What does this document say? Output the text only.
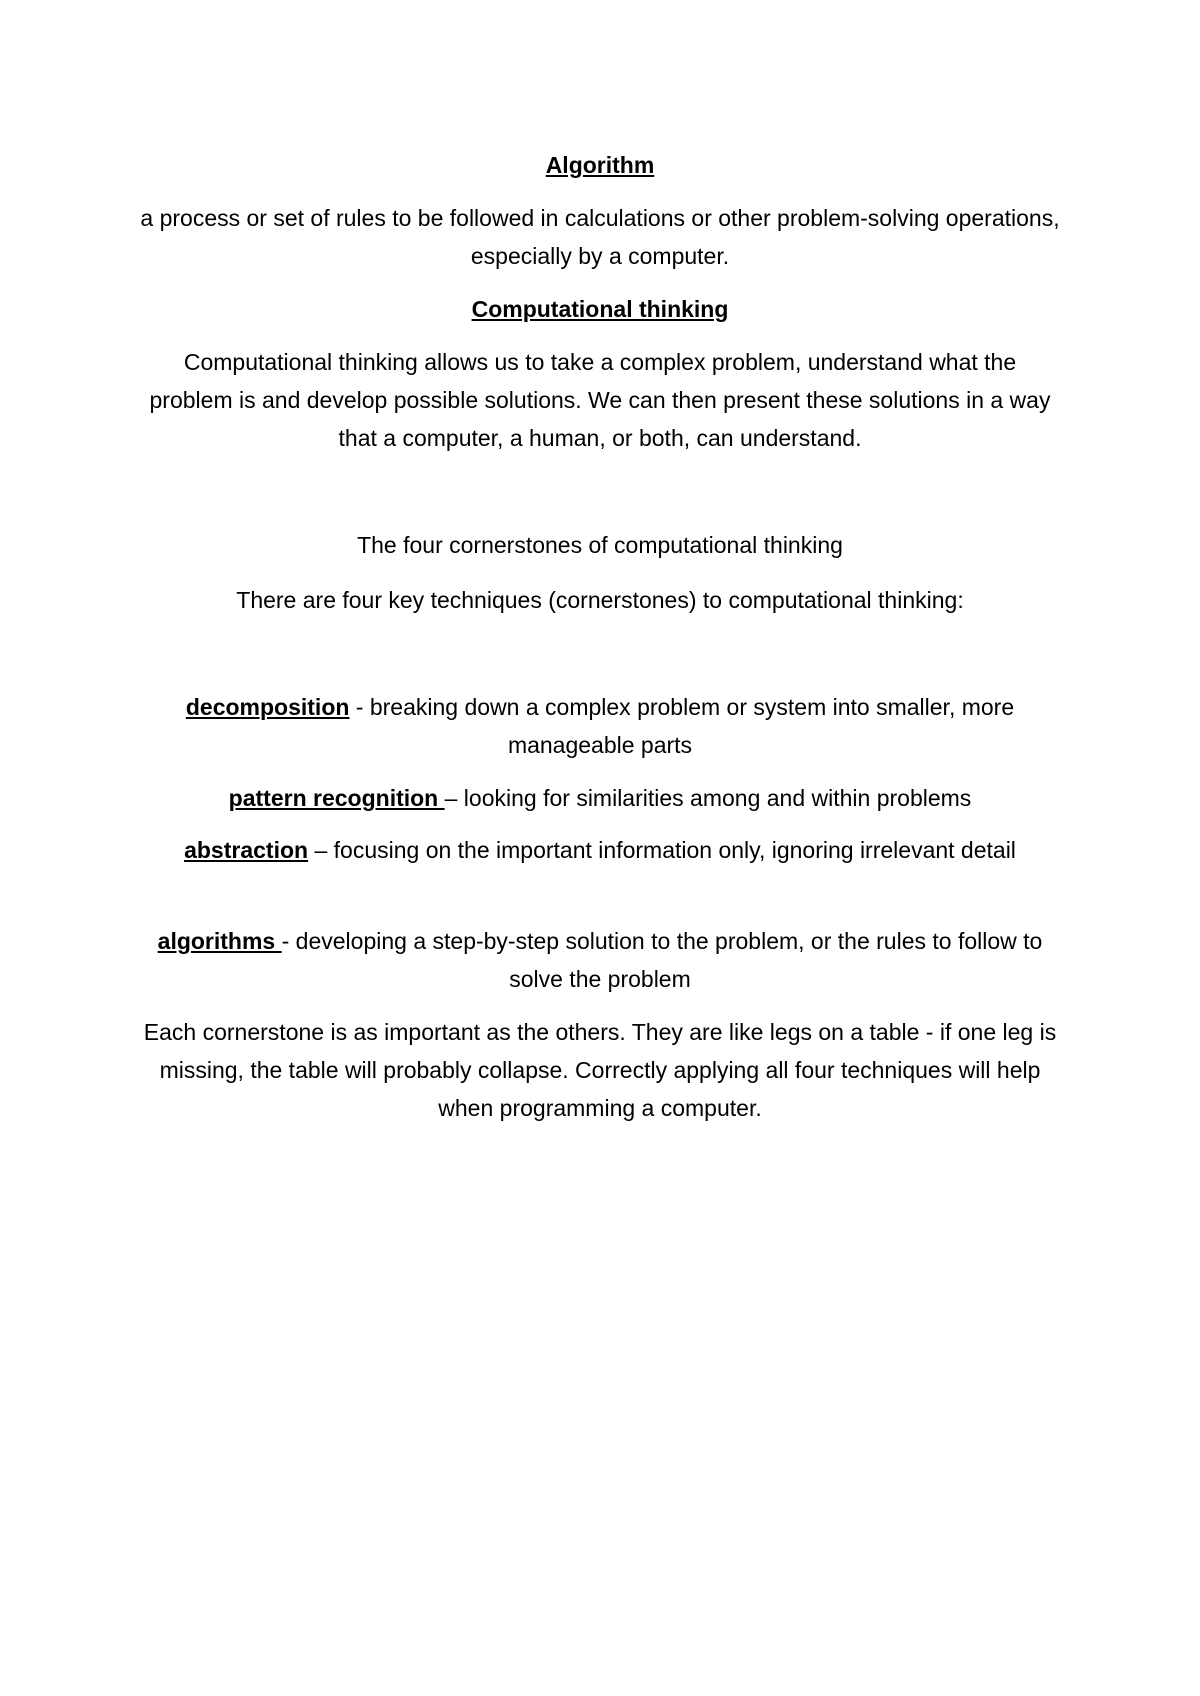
Algorithm

a process or set of rules to be followed in calculations or other problem-solving operations, especially by a computer.

Computational thinking

Computational thinking allows us to take a complex problem, understand what the problem is and develop possible solutions. We can then present these solutions in a way that a computer, a human, or both, can understand.

The four cornerstones of computational thinking

There are four key techniques (cornerstones) to computational thinking:

decomposition - breaking down a complex problem or system into smaller, more manageable parts

pattern recognition – looking for similarities among and within problems

abstraction – focusing on the important information only, ignoring irrelevant detail

algorithms - developing a step-by-step solution to the problem, or the rules to follow to solve the problem

Each cornerstone is as important as the others. They are like legs on a table - if one leg is missing, the table will probably collapse. Correctly applying all four techniques will help when programming a computer.
